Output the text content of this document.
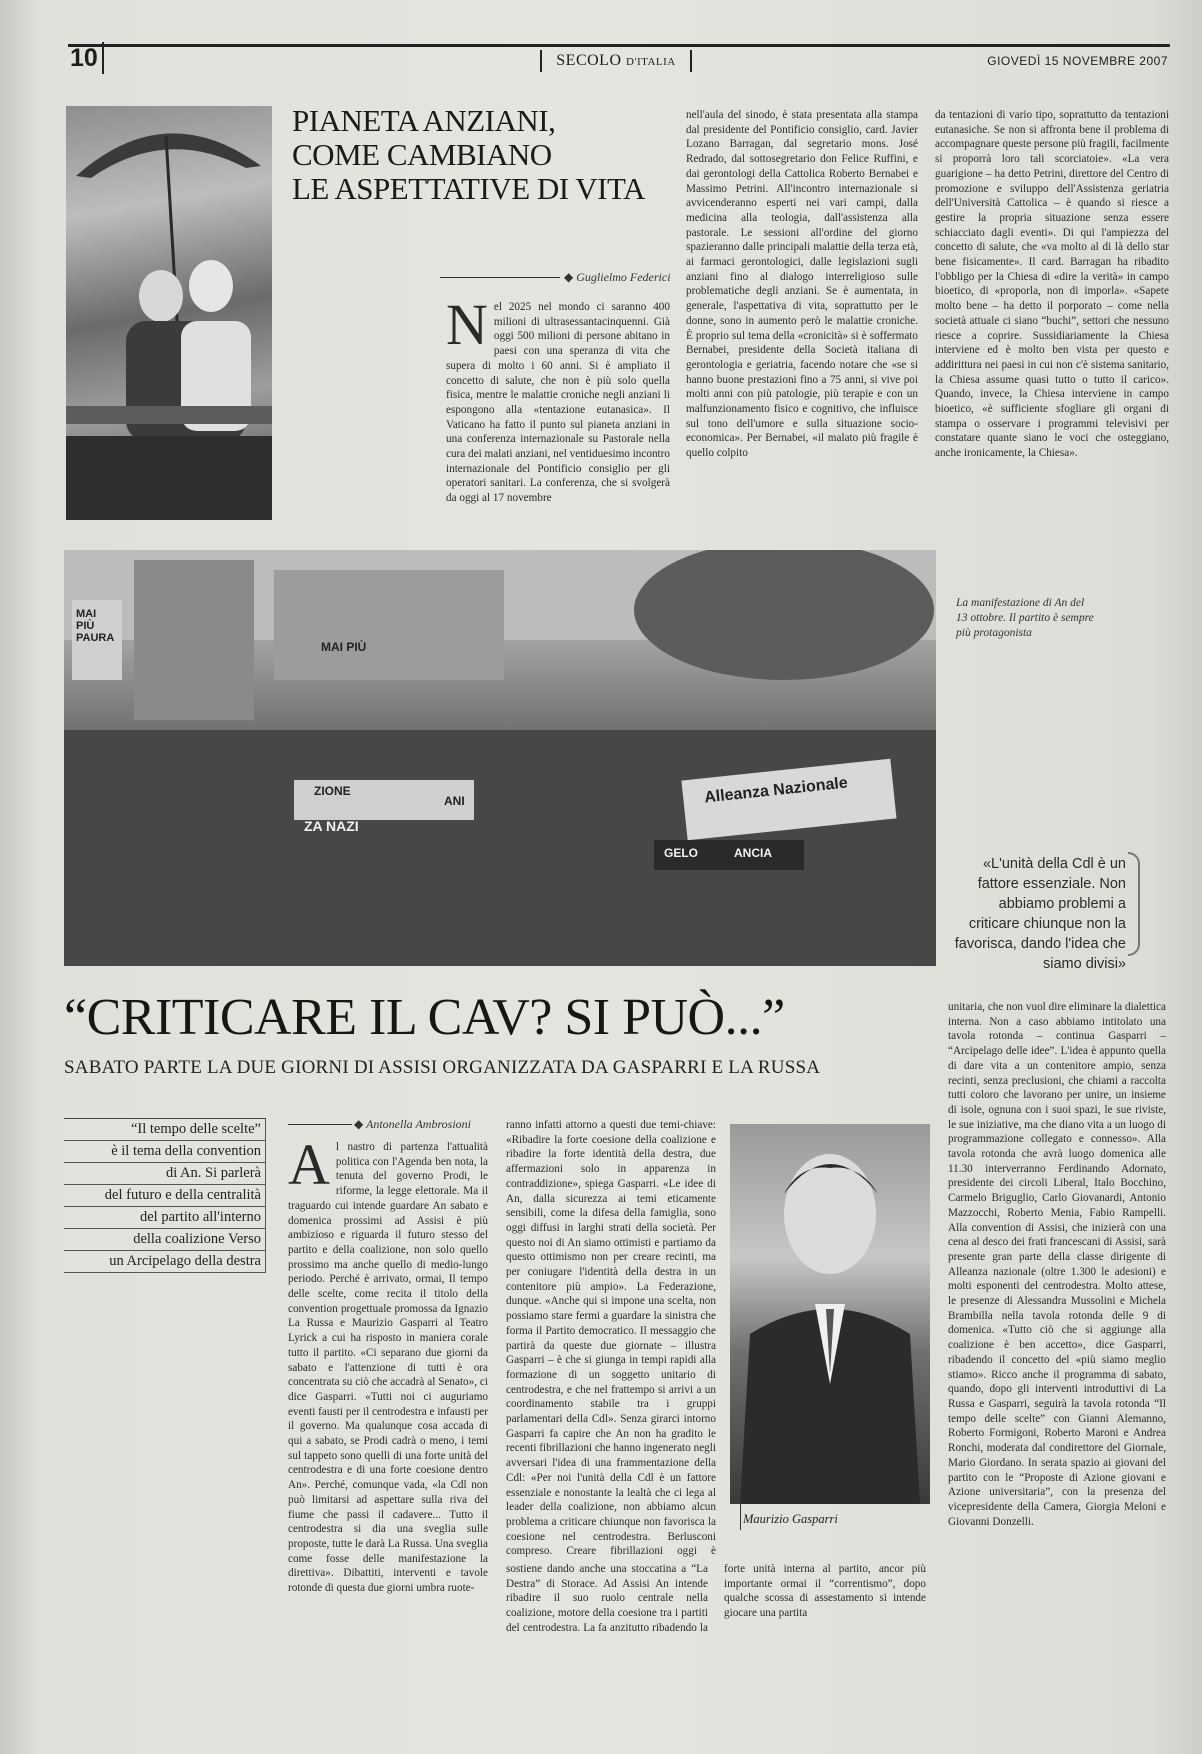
10	SECOLO D'ITALIA	GIOVEDÌ 15 NOVEMBRE 2007
PIANETA ANZIANI,
COME CAMBIANO
LE ASPETTATIVE DI VITA
◆ Guglielmo Federici
Nel 2025 nel mondo ci saranno 400 milioni di ultrasessantacinquenni. Già oggi 500 milioni di persone abitano in paesi con una speranza di vita che supera di molto i 60 anni. Si è ampliato il concetto di salute, che non è più solo quella fisica, mentre le malattie croniche negli anziani li espongono alla «tentazione eutanasica». Il Vaticano ha fatto il punto sul pianeta anziani in una conferenza internazionale su Pastorale nella cura dei malati anziani, nel ventiduesimo incontro internazionale del Pontificio consiglio per gli operatori sanitari. La conferenza, che si svolgerà da oggi al 17 novembre
nell'aula del sinodo, è stata presentata alla stampa dal presidente del Pontificio consiglio, card. Javier Lozano Barragan, dal segretario mons. José Redrado, dal sottosegretario don Felice Ruffini, e dai gerontologi della Cattolica Roberto Bernabei e Massimo Petrini. All'incontro internazionale si avvicenderanno esperti nei vari campi, dalla medicina alla teologia, dall'assistenza alla pastorale. Le sessioni all'ordine del giorno spazieranno dalle principali malattie della terza età, ai farmaci gerontologici, dalle legislazioni sugli anziani fino al dialogo interreligioso sulle problematiche degli anziani. Se è aumentata, in generale, l'aspettativa di vita, soprattutto per le donne, sono in aumento però le malattie croniche. È proprio sul tema della «cronicità» si è soffermato Bernabei, presidente della Società italiana di gerontologia e geriatria, facendo notare che «se si hanno buone prestazioni fino a 75 anni, si vive poi molti anni con più patologie, più terapie e con un malfunzionamento fisico e cognitivo, che influisce sul tono dell'umore e sulla situazione socio-economica». Per Bernabei, «il malato più fragile è quello colpito
da tentazioni di vario tipo, soprattutto da tentazioni eutanasiche. Se non si affronta bene il problema di accompagnare queste persone più fragili, facilmente si proporrà loro tali scorciatoie». «La vera guarigione – ha detto Petrini, direttore del Centro di promozione e sviluppo dell'Assistenza geriatria dell'Università Cattolica – è quando si riesce a gestire la propria situazione senza essere schiacciato dagli eventi». Di qui l'ampiezza del concetto di salute, che «va molto al di là dello star bene fisicamente». Il card. Barragan ha ribadito l'obbligo per la Chiesa di «dire la verità» in campo bioetico, di «proporla, non di imporla». «Sapete molto bene – ha detto il porporato – come nella società attuale ci siano “buchi”, settori che nessuno riesce a coprire. Sussidiariamente la Chiesa interviene ed è molto ben vista per questo e addirittura nei paesi in cui non c'è sistema sanitario, la Chiesa assume quasi tutto o tutto il carico». Quando, invece, la Chiesa interviene in campo bioetico, «è sufficiente sfogliare gli organi di stampa o osservare i programmi televisivi per constatare quante siano le voci che osteggiano, anche ironicamente, la Chiesa».
MAI PIÙ PAURA
MAI PIÙ
ZIONE
ANI
ZA NAZI
GELO	ANCIA
Alleanza Nazionale
La manifestazione di An del 13 ottobre. Il partito è sempre più protagonista
«L'unità della Cdl è un fattore essenziale. Non abbiamo problemi a criticare chiunque non la favorisca, dando l'idea che siamo divisi»
“CRITICARE IL CAV? SI PUÒ...”
SABATO PARTE LA DUE GIORNI DI ASSISI ORGANIZZATA DA GASPARRI E LA RUSSA
“Il tempo delle scelte”
è il tema della convention
di An. Si parlerà
del futuro e della centralità
del partito all'interno
della coalizione Verso
un Arcipelago della destra
◆ Antonella Ambrosioni
Al nastro di partenza l'attualità politica con l'Agenda ben nota, la tenuta del governo Prodi, le riforme, la legge elettorale. Ma il traguardo cui intende guardare An sabato e domenica prossimi ad Assisi è più ambizioso e riguarda il futuro stesso del partito e della coalizione, non solo quello prossimo ma anche quello di medio-lungo periodo. Perché è arrivato, ormai, Il tempo delle scelte, come recita il titolo della convention progettuale promossa da Ignazio La Russa e Maurizio Gasparri al Teatro Lyrick a cui ha risposto in maniera corale tutto il partito. «Ci separano due giorni da sabato e l'attenzione di tutti è ora concentrata su ciò che accadrà al Senato», ci dice Gasparri. «Tutti noi ci auguriamo eventi fausti per il centrodestra e infausti per il governo. Ma qualunque cosa accada di qui a sabato, se Prodi cadrà o meno, i temi sul tappeto sono quelli di una forte unità del centrodestra e di una forte coesione dentro An». Perché, comunque vada, «la Cdl non può limitarsi ad aspettare sulla riva del fiume che passi il cadavere... Tutto il centrodestra si dia una sveglia sulle proposte, tutte le darà La Russa. Una sveglia come fosse delle manifestazione la direttiva». Dibattiti, interventi e tavole rotonde di questa due giorni umbra ruote-
ranno infatti attorno a questi due temi-chiave: «Ribadire la forte coesione della coalizione e ribadire la forte identità della destra, due affermazioni solo in apparenza in contraddizione», spiega Gasparri. «Le idee di An, dalla sicurezza ai temi eticamente sensibili, come la difesa della famiglia, sono oggi diffusi in larghi strati della società. Per questo noi di An siamo ottimisti e partiamo da questo ottimismo non per creare recinti, ma per coniugare l'identità della destra in un contenitore più ampio». La Federazione, dunque. «Anche qui si impone una scelta, non possiamo stare fermi a guardare la sinistra che forma il Partito democratico. Il messaggio che partirà da queste due giornate – illustra Gasparri – è che si giunga in tempi rapidi alla formazione di un soggetto unitario di centrodestra, e che nel frattempo si arrivi a un coordinamento stabile tra i gruppi parlamentari della Cdl». Senza girarci intorno Gasparri fa capire che An non ha gradito le recenti fibrillazioni che hanno ingenerato negli avversari l'idea di una frammentazione della Cdl: «Per noi l'unità della Cdl è un fattore essenziale e nonostante la lealtà che ci lega al leader della coalizione, non abbiamo alcun problema a criticare chiunque non favorisca la coesione nel centrodestra. Berlusconi compreso. Creare fibrillazioni oggi è
sostiene dando anche una stoccatina a “La Destra” di Storace. Ad Assisi An intende ribadire il suo ruolo centrale nella coalizione, motore della coesione tra i partiti del centrodestra. La fa anzitutto ribadendo la forte unità interna al partito, ancor più importante ormai il “correntismo”, dopo qualche scossa di assestamento si intende giocare una partita
Maurizio Gasparri
unitaria, che non vuol dire eliminare la dialettica interna. Non a caso abbiamo intitolato una tavola rotonda – continua Gasparri – “Arcipelago delle idee”. L'idea è appunto quella di dare vita a un contenitore ampio, senza recinti, senza preclusioni, che chiami a raccolta tutti coloro che lavorano per unire, un insieme di isole, ognuna con i suoi spazi, le sue riviste, le sue iniziative, ma che diano vita a un luogo di programmazione collegato e connesso». Alla tavola rotonda che avrà luogo domenica alle 11.30 interverranno Ferdinando Adornato, presidente dei circoli Liberal, Italo Bocchino, Carmelo Briguglio, Carlo Giovanardi, Antonio Mazzocchi, Roberto Menia, Fabio Rampelli. Alla convention di Assisi, che inizierà con una cena al desco dei frati francescani di Assisi, sarà presente gran parte della classe dirigente di Alleanza nazionale (oltre 1.300 le adesioni) e molti esponenti del centrodestra. Molto attese, le presenze di Alessandra Mussolini e Michela Brambilla nella tavola rotonda delle 9 di domenica. «Tutto ciò che si aggiunge alla coalizione è ben accetto», dice Gasparri, ribadendo il concetto del «più siamo meglio stiamo». Ricco anche il programma di sabato, quando, dopo gli interventi introduttivi di La Russa e Gasparri, seguirà la tavola rotonda “Il tempo delle scelte” con Gianni Alemanno, Roberto Formigoni, Roberto Maroni e Andrea Ronchi, moderata dal condirettore del Giornale, Mario Giordano. In serata spazio ai giovani del partito con le “Proposte di Azione giovani e Azione universitaria”, con la presenza del vicepresidente della Camera, Giorgia Meloni e Giovanni Donzelli.
